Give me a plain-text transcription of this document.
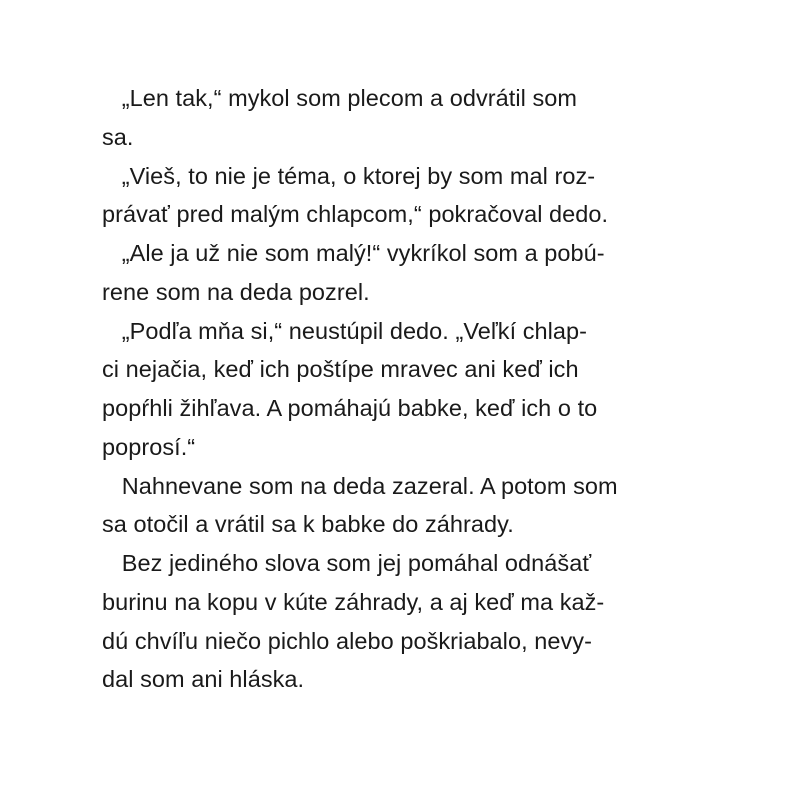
„Len tak,“ mykol som plecom a odvrátil som
sa.
„Vieš, to nie je téma, o ktorej by som mal roz-
právať pred malým chlapcom,“ pokračoval dedo.
„Ale ja už nie som malý!“ vykríkol som a pobú-
rene som na deda pozrel.
„Podľa mňa si,“ neustúpil dedo. „Veľkí chlap-
ci nejačia, keď ich poštípe mravec ani keď ich
popŕhli žihľava. A pomáhajú babke, keď ich o to
poprosí.“
Nahnevane som na deda zazeral. A potom som
sa otočil a vrátil sa k babke do záhrady.
Bez jediného slova som jej pomáhal odnášať
burinu na kopu v kúte záhrady, a aj keď ma kaž-
dú chvíľu niečo pichlo alebo poškriabalo, nevy-
dal som ani hláska.
